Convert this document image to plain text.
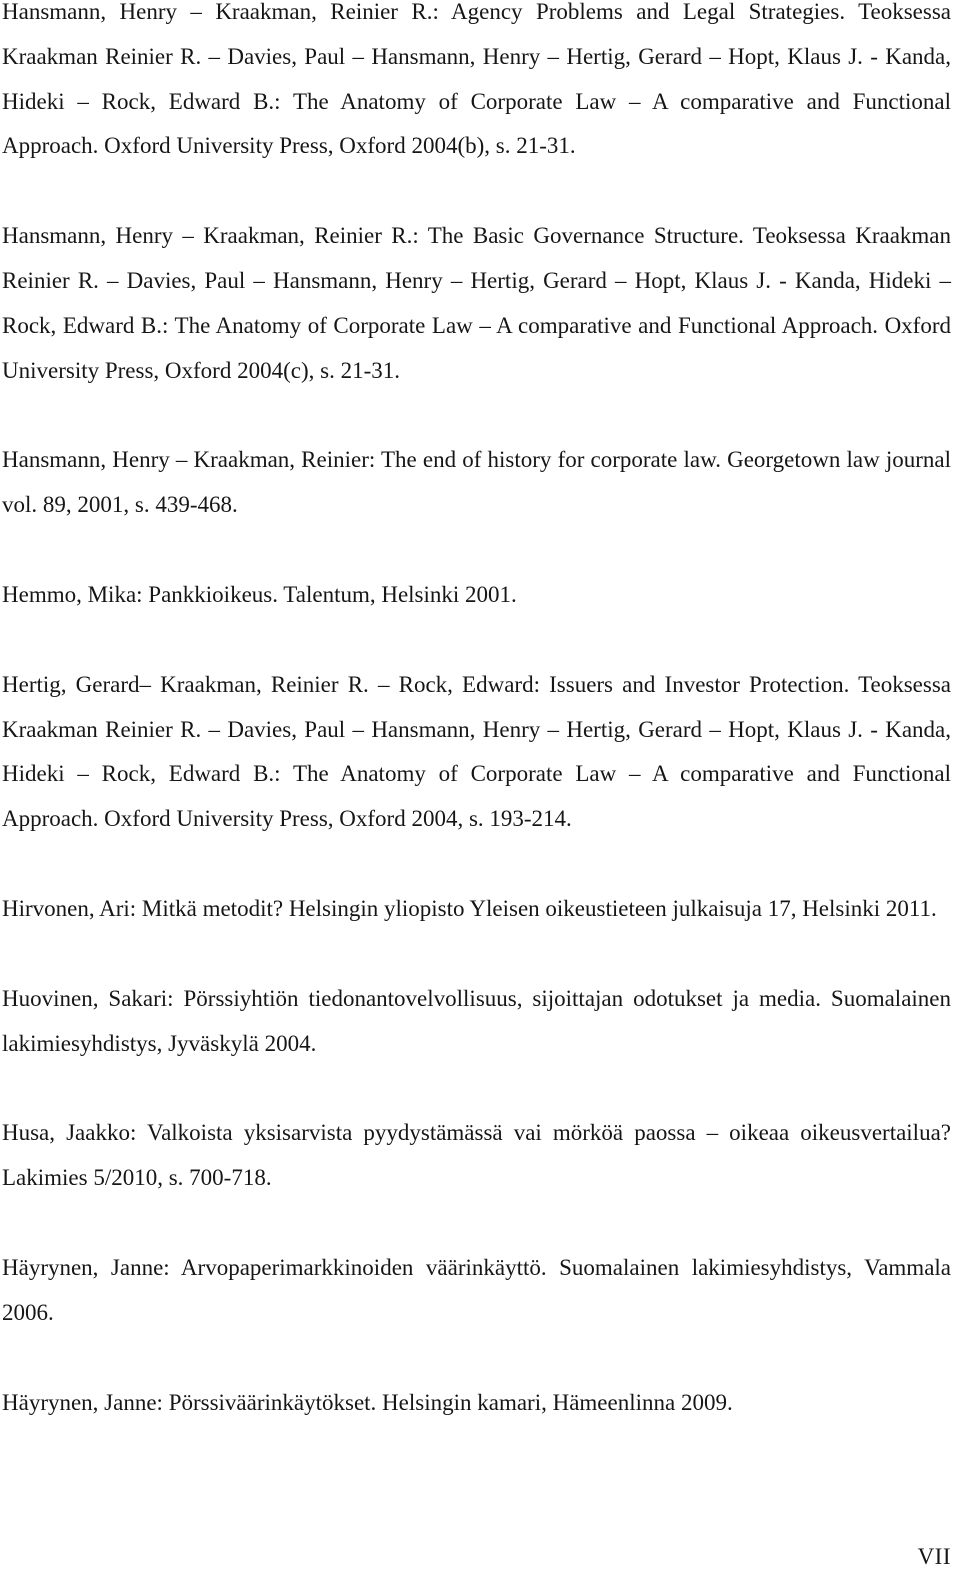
Hansmann, Henry – Kraakman, Reinier R.: Agency Problems and Legal Strategies. Teoksessa Kraakman Reinier R. – Davies, Paul – Hansmann, Henry – Hertig, Gerard – Hopt, Klaus J. - Kanda, Hideki – Rock, Edward B.: The Anatomy of Corporate Law – A comparative and Functional Approach. Oxford University Press, Oxford 2004(b), s. 21-31.
Hansmann, Henry – Kraakman, Reinier R.: The Basic Governance Structure. Teoksessa Kraakman Reinier R. – Davies, Paul – Hansmann, Henry – Hertig, Gerard – Hopt, Klaus J. - Kanda, Hideki – Rock, Edward B.: The Anatomy of Corporate Law – A comparative and Functional Approach. Oxford University Press, Oxford 2004(c), s. 21-31.
Hansmann, Henry – Kraakman, Reinier: The end of history for corporate law. Georgetown law journal vol. 89, 2001, s. 439-468.
Hemmo, Mika: Pankkioikeus. Talentum, Helsinki 2001.
Hertig, Gerard– Kraakman, Reinier R. – Rock, Edward: Issuers and Investor Protection. Teoksessa Kraakman Reinier R. – Davies, Paul – Hansmann, Henry – Hertig, Gerard – Hopt, Klaus J. - Kanda, Hideki – Rock, Edward B.: The Anatomy of Corporate Law – A comparative and Functional Approach. Oxford University Press, Oxford 2004, s. 193-214.
Hirvonen, Ari: Mitkä metodit? Helsingin yliopisto Yleisen oikeustieteen julkaisuja 17, Helsinki 2011.
Huovinen, Sakari: Pörssiyhtiön tiedonantovelvollisuus, sijoittajan odotukset ja media. Suomalainen lakimiesyhdistys, Jyväskylä 2004.
Husa, Jaakko: Valkoista yksisarvista pyydystämässä vai mörköä paossa – oikeaa oikeusvertailua? Lakimies 5/2010, s. 700-718.
Häyrynen, Janne: Arvopaperimarkkinoiden väärinkäyttö. Suomalainen lakimiesyhdistys, Vammala 2006.
Häyrynen, Janne: Pörssiväärinkäytökset. Helsingin kamari, Hämeenlinna 2009.
VII
